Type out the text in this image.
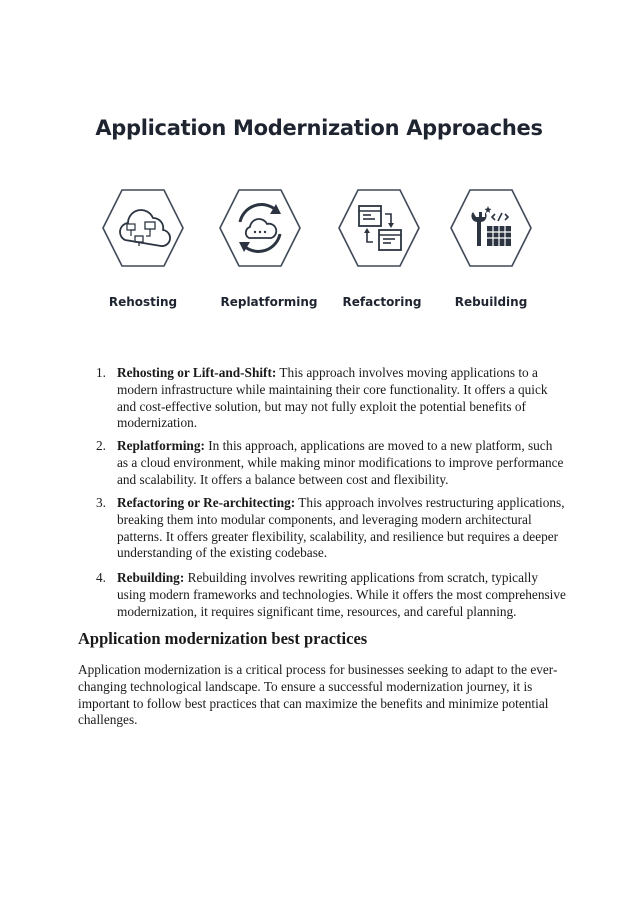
Application Modernization Approaches
Rehosting	Replatforming	Refactoring	Rebuilding
1. Rehosting or Lift-and-Shift: This approach involves moving applications to a modern infrastructure while maintaining their core functionality. It offers a quick and cost-effective solution, but may not fully exploit the potential benefits of modernization.
2. Replatforming: In this approach, applications are moved to a new platform, such as a cloud environment, while making minor modifications to improve performance and scalability. It offers a balance between cost and flexibility.
3. Refactoring or Re-architecting: This approach involves restructuring applications, breaking them into modular components, and leveraging modern architectural patterns. It offers greater flexibility, scalability, and resilience but requires a deeper understanding of the existing codebase.
4. Rebuilding: Rebuilding involves rewriting applications from scratch, typically using modern frameworks and technologies. While it offers the most comprehensive modernization, it requires significant time, resources, and careful planning.
Application modernization best practices
Application modernization is a critical process for businesses seeking to adapt to the ever-changing technological landscape. To ensure a successful modernization journey, it is important to follow best practices that can maximize the benefits and minimize potential challenges.
